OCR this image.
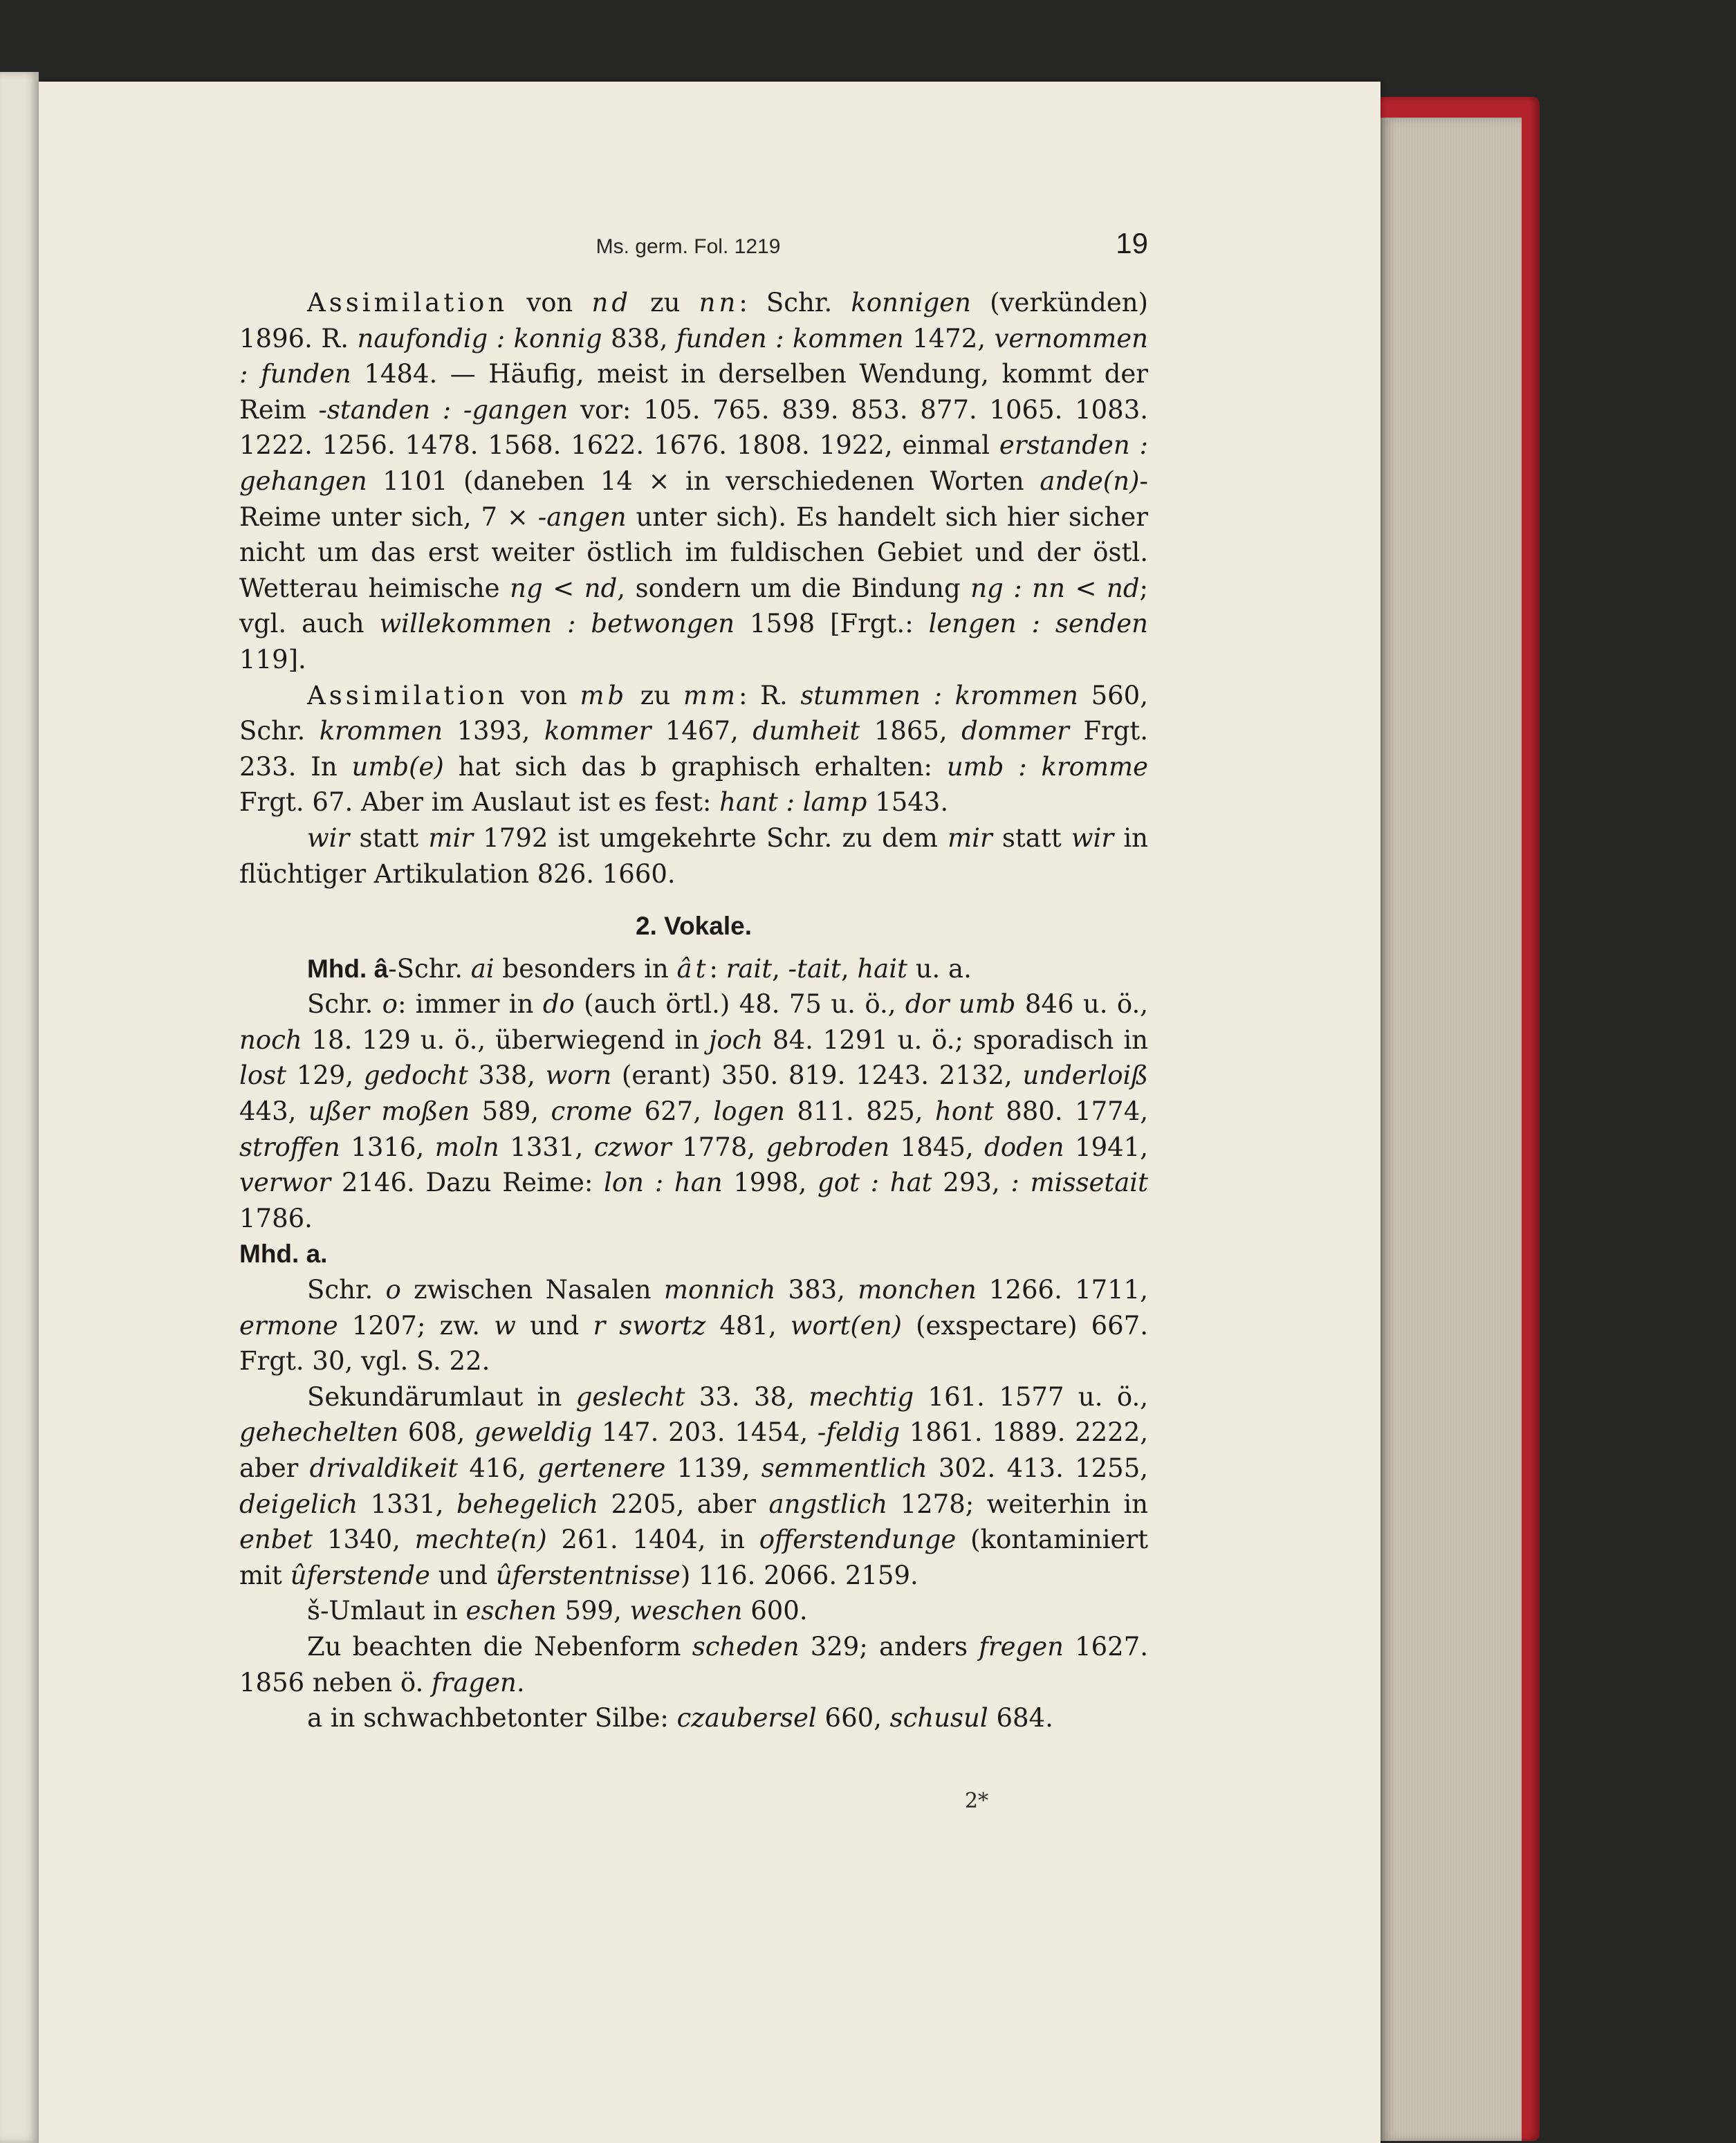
Ms. germ. Fol. 1219	19

Assimilation von nd zu nn: Schr. konnigen (verkünden) 1896. R. naufondig : konnig 838, funden : kommen 1472, vernommen : funden 1484. — Häufig, meist in derselben Wendung, kommt der Reim -standen : -gangen vor: 105. 765. 839. 853. 877. 1065. 1083. 1222. 1256. 1478. 1568. 1622. 1676. 1808. 1922, einmal erstanden : gehangen 1101 (daneben 14 × in verschiedenen Worten ande(n)-Reime unter sich, 7 × -angen unter sich). Es handelt sich hier sicher nicht um das erst weiter östlich im fuldischen Gebiet und der östl. Wetterau heimische ng < nd, sondern um die Bindung ng : nn < nd; vgl. auch willekommen : betwongen 1598 [Frgt.: lengen : senden 119].

Assimilation von mb zu mm: R. stummen : krommen 560, Schr. krommen 1393, kommer 1467, dumheit 1865, dommer Frgt. 233. In umb(e) hat sich das b graphisch erhalten: umb : kromme Frgt. 67. Aber im Auslaut ist es fest: hant : lamp 1543.

wir statt mir 1792 ist umgekehrte Schr. zu dem mir statt wir in flüchtiger Artikulation 826. 1660.

2. Vokale.

Mhd. â-Schr. ai besonders in ât: rait, -tait, hait u. a.

Schr. o: immer in do (auch örtl.) 48. 75 u. ö., dor umb 846 u. ö., noch 18. 129 u. ö., überwiegend in joch 84. 1291 u. ö.; sporadisch in lost 129, gedocht 338, worn (erant) 350. 819. 1243. 2132, underloiß 443, ußer moßen 589, crome 627, logen 811. 825, hont 880. 1774, stroffen 1316, moln 1331, czwor 1778, gebroden 1845, doden 1941, verwor 2146. Dazu Reime: lon : han 1998, got : hat 293, : missetait 1786.

Mhd. a.

Schr. o zwischen Nasalen monnich 383, monchen 1266. 1711, ermone 1207; zw. w und r swortz 481, wort(en) (exspectare) 667. Frgt. 30, vgl. S. 22.

Sekundärumlaut in geslecht 33. 38, mechtig 161. 1577 u. ö., gehechelten 608, geweldig 147. 203. 1454, -feldig 1861. 1889. 2222, aber drivaldikeit 416, gertenere 1139, semmentlich 302. 413. 1255, deigelich 1331, behegelich 2205, aber angstlich 1278; weiterhin in enbet 1340, mechte(n) 261. 1404, in offerstendunge (kontaminiert mit ûferstende und ûferstentnisse) 116. 2066. 2159.

š-Umlaut in eschen 599, weschen 600.

Zu beachten die Nebenform scheden 329; anders fregen 1627. 1856 neben ö. fragen.

a in schwachbetonter Silbe: czaubersel 660, schusul 684.

2*
